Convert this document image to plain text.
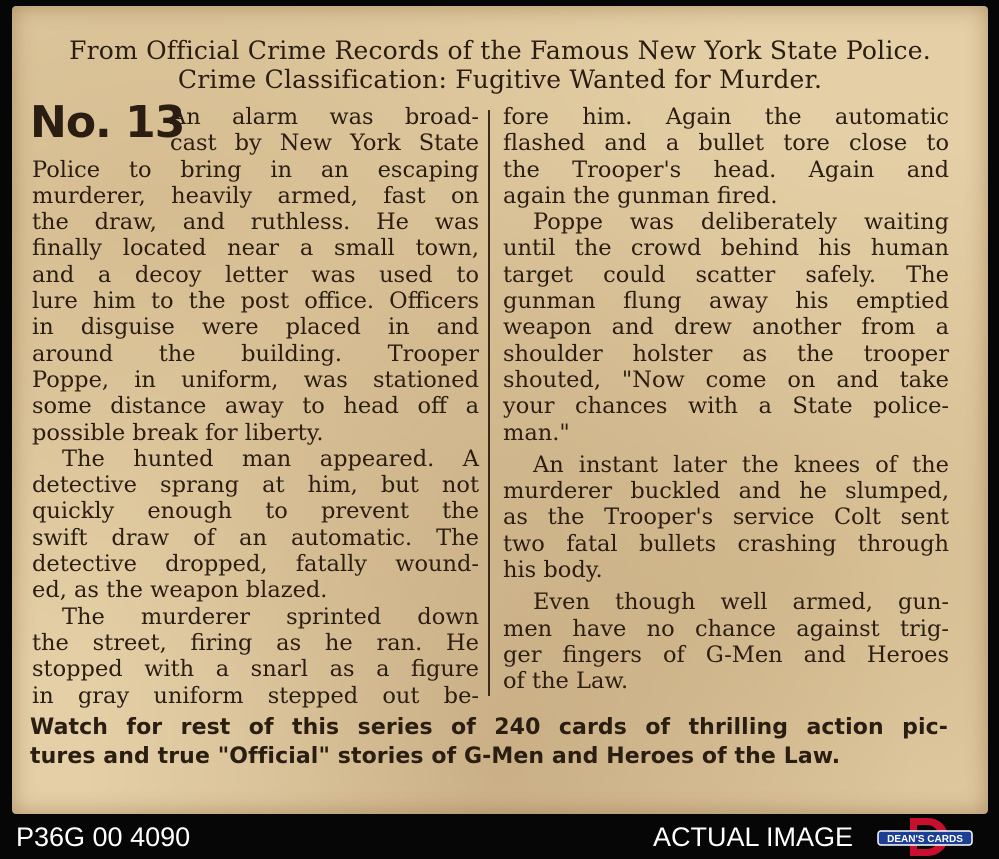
From Official Crime Records of the Famous New York State Police.
Crime Classification: Fugitive Wanted for Murder.
No. 13
An alarm was broad-
cast by New York State
Police to bring in an escaping
murderer, heavily armed, fast on
the draw, and ruthless. He was
finally located near a small town,
and a decoy letter was used to
lure him to the post office. Officers
in disguise were placed in and
around the building. Trooper
Poppe, in uniform, was stationed
some distance away to head off a
possible break for liberty.
The hunted man appeared. A
detective sprang at him, but not
quickly enough to prevent the
swift draw of an automatic. The
detective dropped, fatally wound-
ed, as the weapon blazed.
The murderer sprinted down
the street, firing as he ran. He
stopped with a snarl as a figure
in gray uniform stepped out be-
fore him. Again the automatic
flashed and a bullet tore close to
the Trooper's head. Again and
again the gunman fired.
Poppe was deliberately waiting
until the crowd behind his human
target could scatter safely. The
gunman flung away his emptied
weapon and drew another from a
shoulder holster as the trooper
shouted, "Now come on and take
your chances with a State police-
man."
An instant later the knees of the
murderer buckled and he slumped,
as the Trooper's service Colt sent
two fatal bullets crashing through
his body.
Even though well armed, gun-
men have no chance against trig-
ger fingers of G-Men and Heroes
of the Law.
Watch for rest of this series of 240 cards of thrilling action pic-
tures and true "Official" stories of G-Men and Heroes of the Law.
P36G 00 4090	ACTUAL IMAGE	DEAN'S CARDS
